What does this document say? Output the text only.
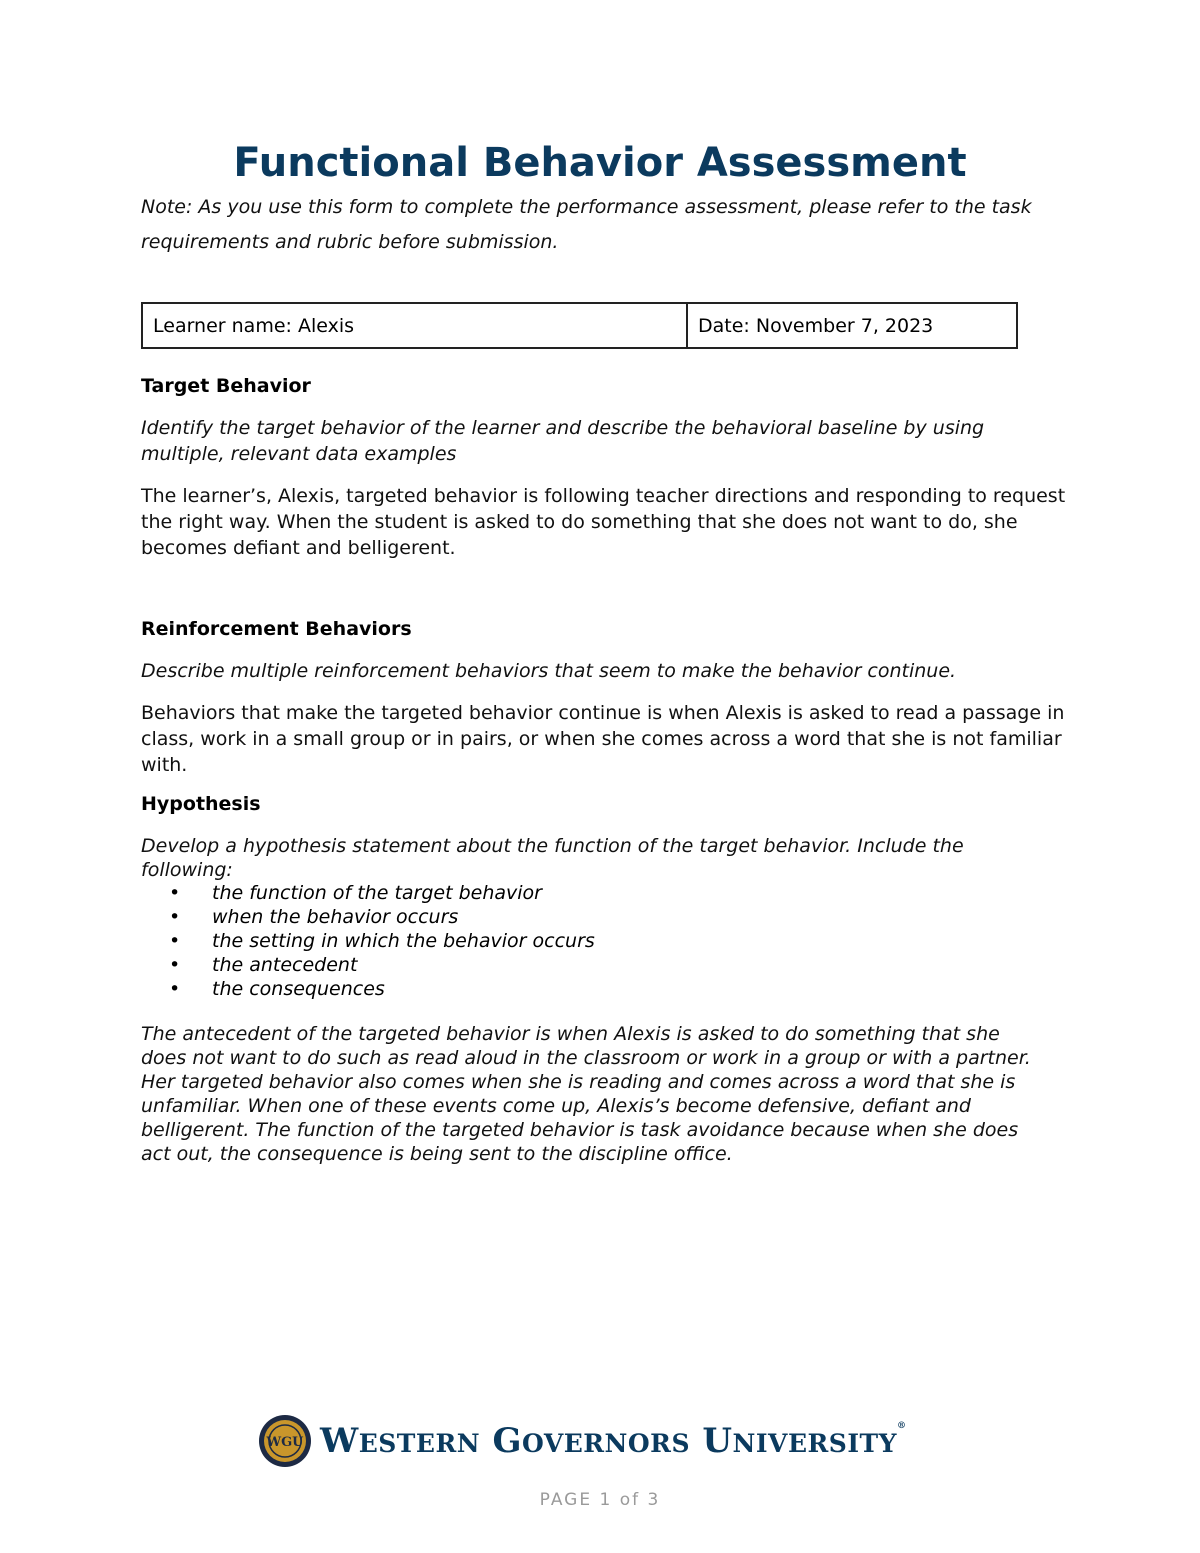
Functional Behavior Assessment

Note: As you use this form to complete the performance assessment, please refer to the task requirements and rubric before submission.

Learner name: Alexis	Date: November 7, 2023
Target Behavior

Identify the target behavior of the learner and describe the behavioral baseline by using multiple, relevant data examples

The learner’s, Alexis, targeted behavior is following teacher directions and responding to request the right way. When the student is asked to do something that she does not want to do, she becomes defiant and belligerent.

Reinforcement Behaviors

Describe multiple reinforcement behaviors that seem to make the behavior continue.

Behaviors that make the targeted behavior continue is when Alexis is asked to read a passage in class, work in a small group or in pairs, or when she comes across a word that she is not familiar with.

Hypothesis

Develop a hypothesis statement about the function of the target behavior. Include the following:

• the function of the target behavior
• when the behavior occurs
• the setting in which the behavior occurs
• the antecedent
• the consequences

The antecedent of the targeted behavior is when Alexis is asked to do something that she does not want to do such as read aloud in the classroom or work in a group or with a partner. Her targeted behavior also comes when she is reading and comes across a word that she is unfamiliar. When one of these events come up, Alexis’s become defensive, defiant and belligerent. The function of the targeted behavior is task avoidance because when she does act out, the consequence is being sent to the discipline office.

WGU WESTERN GOVERNORS UNIVERSITY®

PAGE 1 of 3
